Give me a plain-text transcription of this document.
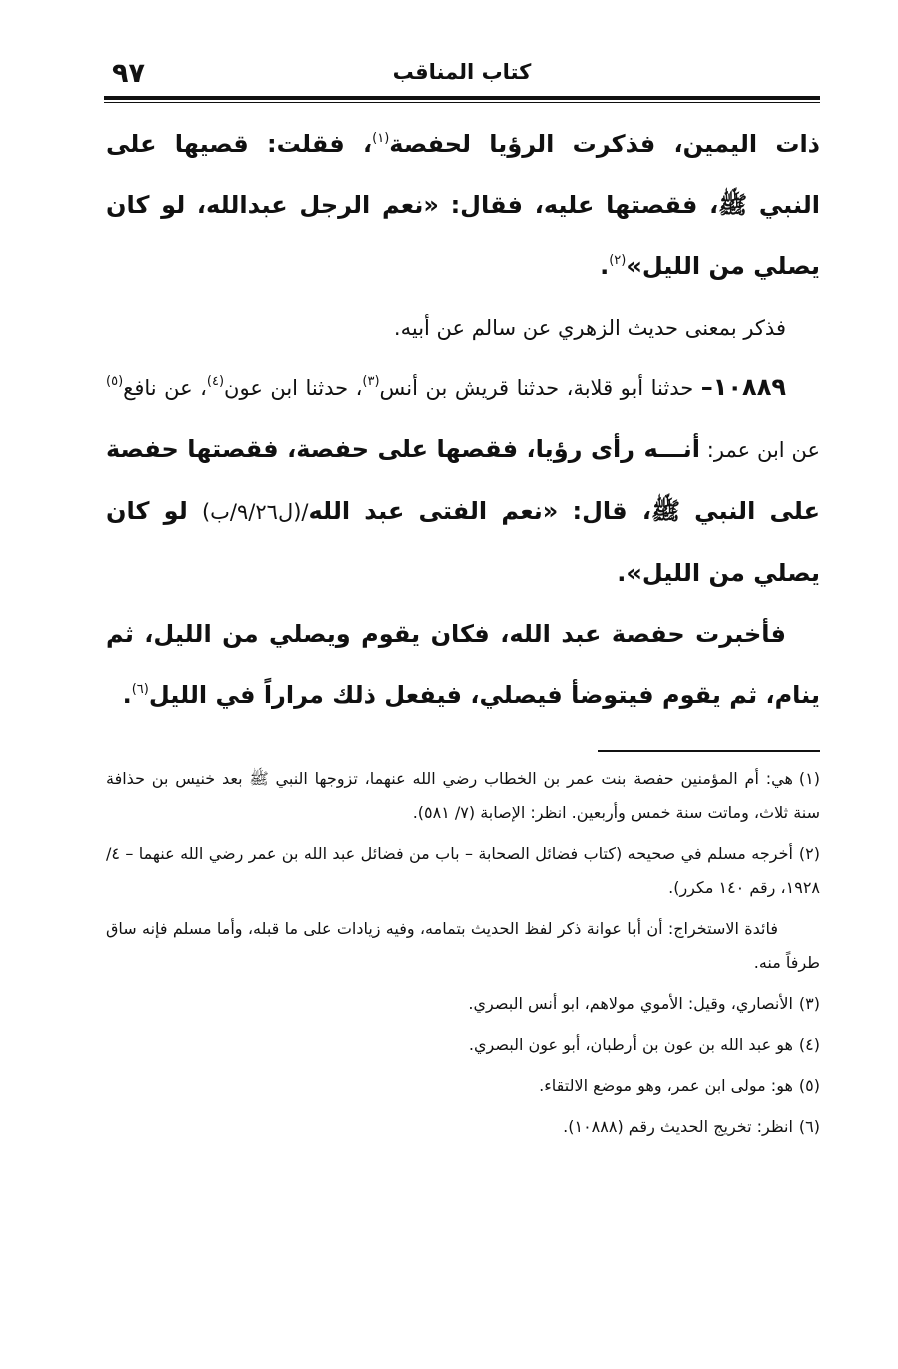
كتاب المناقب
٩٧

ذات اليمين، فذكرت الرؤيا لحفصة$^{(١)}$، فقلت: قصيها على النبي ﷺ، فقصتها عليه، فقال: «نعم الرجل عبدالله، لو كان يصلي من الليل»$^{(٢)}$.

فذكر بمعنى حديث الزهري عن سالم عن أبيه.

١٠٨٨٩– حدثنا أبو قلابة، حدثنا قريش بن أنس$^{(٣)}$، حدثنا ابن عون$^{(٤)}$، عن نافع$^{(٥)}$ عن ابن عمر: أنـــه رأى رؤيا، فقصها على حفصة، فقصتها حفصة على النبي ﷺ، قال: «نعم الفتى عبد الله/(ل٩/٢٦/ب) لو كان يصلي من الليل».

فأخبرت حفصة عبد الله، فكان يقوم ويصلي من الليل، ثم ينام، ثم يقوم فيتوضأ فيصلي، فيفعل ذلك مراراً في الليل$^{(٦)}$.

(١)هي: أم المؤمنين حفصة بنت عمر بن الخطاب رضي الله عنهما، تزوجها النبي ﷺ بعد خنيس بن حذافة سنة ثلاث، وماتت سنة خمس وأربعين. انظر: الإصابة (٧/ ٥٨١).
(٢)أخرجه مسلم في صحيحه (كتاب فضائل الصحابة – باب من فضائل عبد الله بن عمر رضي الله عنهما – ٤/ ١٩٢٨، رقم ١٤٠ مكرر).
فائدة الاستخراج: أن أبا عوانة ذكر لفظ الحديث بتمامه، وفيه زيادات على ما قبله، وأما مسلم فإنه ساق طرفاً منه.
(٣)الأنصاري، وقيل: الأموي مولاهم، ابو أنس البصري.
(٤)هو عبد الله بن عون بن أرطبان، أبو عون البصري.
(٥)هو: مولى ابن عمر، وهو موضع الالتقاء.
(٦)انظر: تخريج الحديث رقم (١٠٨٨٨).
